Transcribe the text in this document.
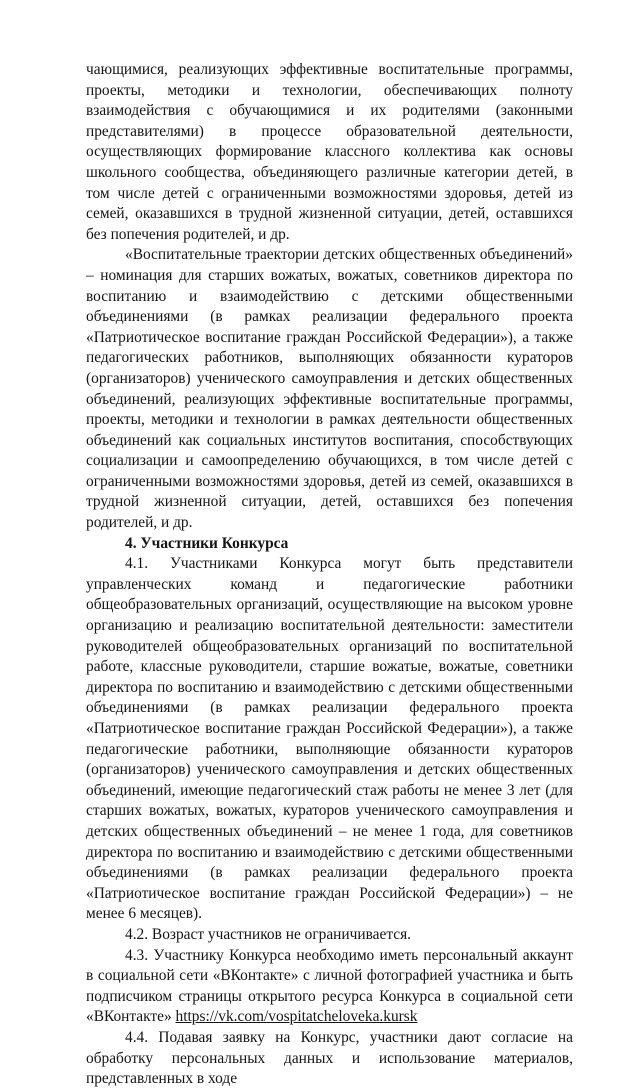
чающимися, реализующих эффективные воспитательные программы, проекты, методики и технологии, обеспечивающих полноту взаимодействия с обучающимися и их родителями (законными представителями) в процессе образовательной деятельности, осуществляющих формирование классного коллектива как основы школьного сообщества, объединяющего различные категории детей, в том числе детей с ограниченными возможностями здоровья, детей из семей, оказавшихся в трудной жизненной ситуации, детей, оставшихся без попечения родителей, и др.

«Воспитательные траектории детских общественных объединений» – номинация для старших вожатых, вожатых, советников директора по воспитанию и взаимодействию с детскими общественными объединениями (в рамках реализации федерального проекта «Патриотическое воспитание граждан Российской Федерации»), а также педагогических работников, выполняющих обязанности кураторов (организаторов) ученического самоуправления и детских общественных объединений, реализующих эффективные воспитательные программы, проекты, методики и технологии в рамках деятельности общественных объединений как социальных институтов воспитания, способствующих социализации и самоопределению обучающихся, в том числе детей с ограниченными возможностями здоровья, детей из семей, оказавшихся в трудной жизненной ситуации, детей, оставшихся без попечения родителей, и др.

4. Участники Конкурса

4.1. Участниками Конкурса могут быть представители управленческих команд и педагогические работники общеобразовательных организаций, осуществляющие на высоком уровне организацию и реализацию воспитательной деятельности: заместители руководителей общеобразовательных организаций по воспитательной работе, классные руководители, старшие вожатые, вожатые, советники директора по воспитанию и взаимодействию с детскими общественными объединениями (в рамках реализации федерального проекта «Патриотическое воспитание граждан Российской Федерации»), а также педагогические работники, выполняющие обязанности кураторов (организаторов) ученического самоуправления и детских общественных объединений, имеющие педагогический стаж работы не менее 3 лет (для старших вожатых, вожатых, кураторов ученического самоуправления и детских общественных объединений – не менее 1 года, для советников директора по воспитанию и взаимодействию с детскими общественными объединениями (в рамках реализации федерального проекта «Патриотическое воспитание граждан Российской Федерации») – не менее 6 месяцев).

4.2. Возраст участников не ограничивается.

4.3. Участнику Конкурса необходимо иметь персональный аккаунт в социальной сети «ВКонтакте» с личной фотографией участника и быть подписчиком страницы открытого ресурса Конкурса в социальной сети «ВКонтакте» https://vk.com/vospitatcheloveka.kursk

4.4. Подавая заявку на Конкурс, участники дают согласие на обработку персональных данных и использование материалов, представленных в ходе
